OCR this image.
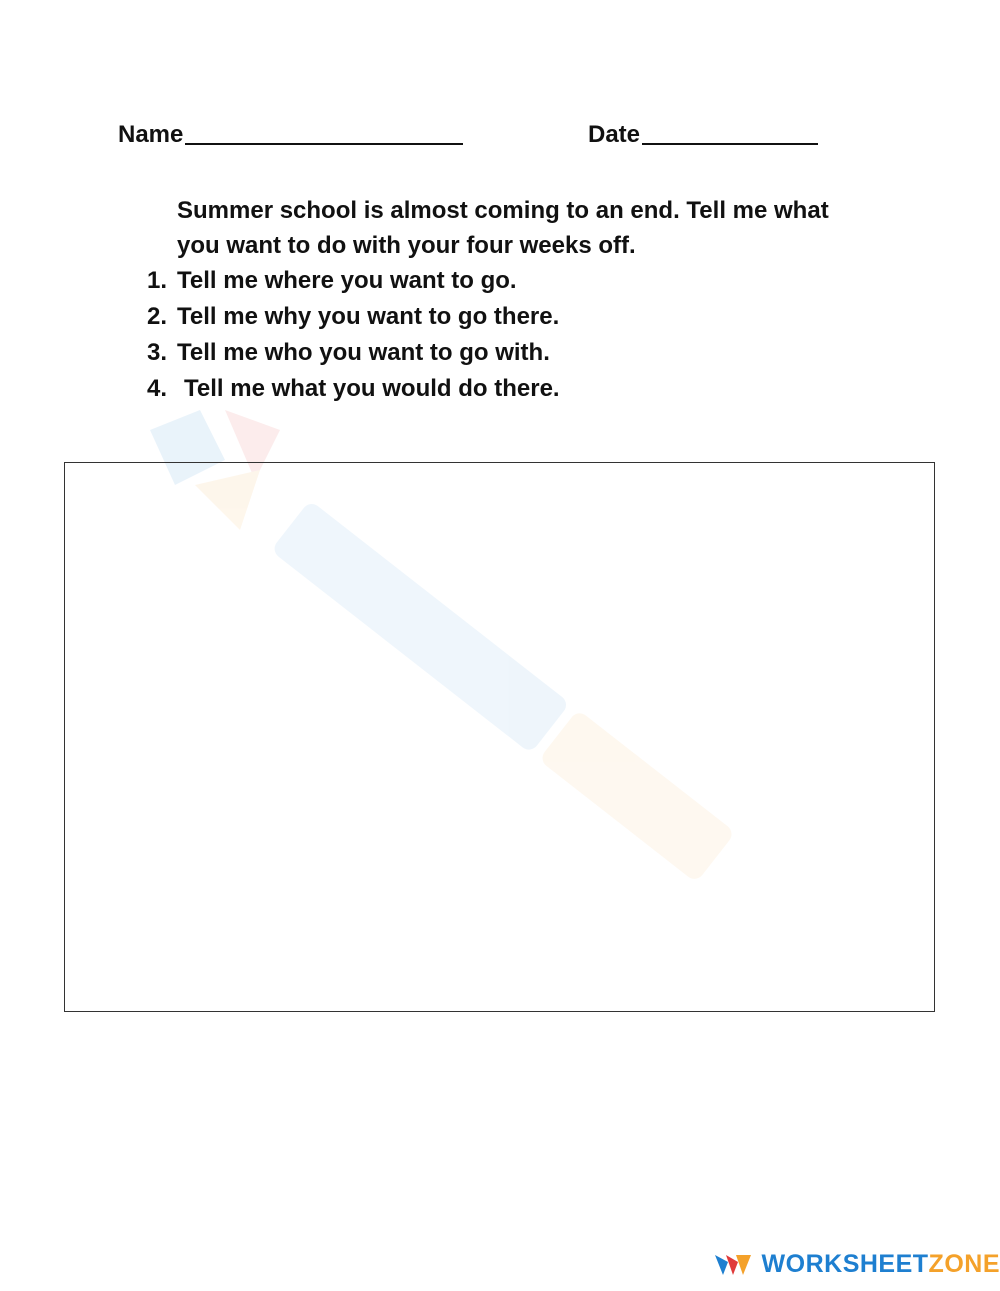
Name	Date
Summer school is almost coming to an end. Tell me what
you want to do with your four weeks off.
1. Tell me where you want to go.
2. Tell me why you want to go there.
3. Tell me who you want to go with.
4. Tell me what you would do there.
WORKSHEETZONE
